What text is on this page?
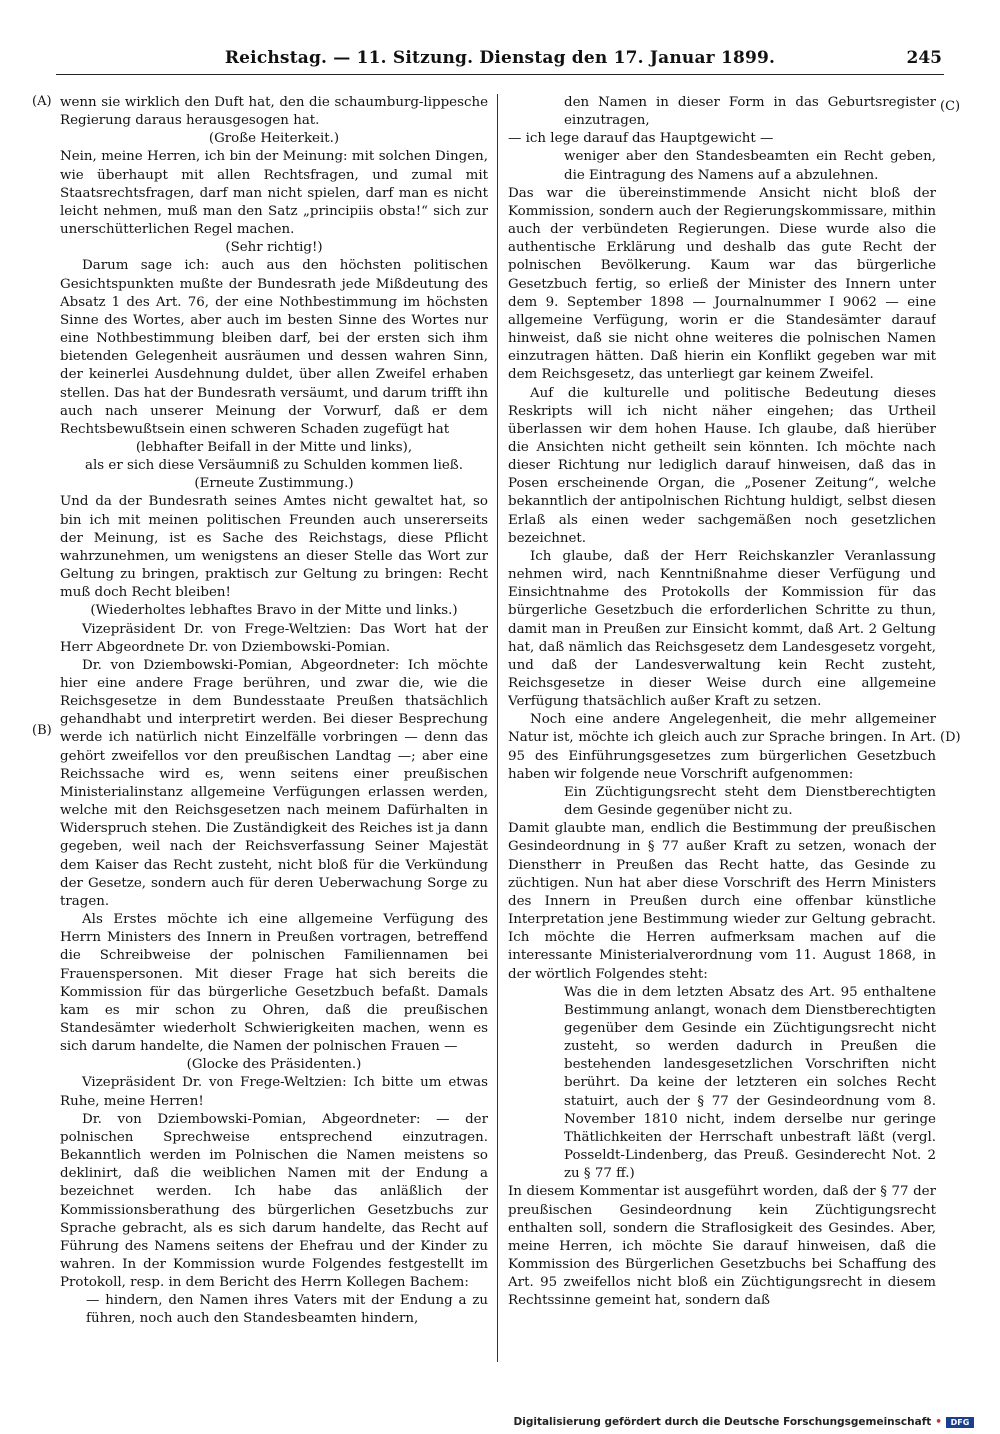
Reichstag. — 11. Sitzung. Dienstag den 17. Januar 1899.	245
(A)
(B)
(C)
(D)

wenn sie wirklich den Duft hat, den die schaumburg-lippesche Regierung daraus herausgesogen hat.

(Große Heiterkeit.)

Nein, meine Herren, ich bin der Meinung: mit solchen Dingen, wie überhaupt mit allen Rechtsfragen, und zumal mit Staatsrechtsfragen, darf man nicht spielen, darf man es nicht leicht nehmen, muß man den Satz „principiis obsta!“ sich zur unerschütterlichen Regel machen.

(Sehr richtig!)

Darum sage ich: auch aus den höchsten politischen Gesichtspunkten mußte der Bundesrath jede Mißdeutung des Absatz 1 des Art. 76, der eine Nothbestimmung im höchsten Sinne des Wortes, aber auch im besten Sinne des Wortes nur eine Nothbestimmung bleiben darf, bei der ersten sich ihm bietenden Gelegenheit ausräumen und dessen wahren Sinn, der keinerlei Ausdehnung duldet, über allen Zweifel erhaben stellen. Das hat der Bundesrath versäumt, und darum trifft ihn auch nach unserer Meinung der Vorwurf, daß er dem Rechtsbewußtsein einen schweren Schaden zugefügt hat

(lebhafter Beifall in der Mitte und links),

als er sich diese Versäumniß zu Schulden kommen ließ.

(Erneute Zustimmung.)

Und da der Bundesrath seines Amtes nicht gewaltet hat, so bin ich mit meinen politischen Freunden auch unsererseits der Meinung, ist es Sache des Reichstags, diese Pflicht wahrzunehmen, um wenigstens an dieser Stelle das Wort zur Geltung zu bringen, praktisch zur Geltung zu bringen: Recht muß doch Recht bleiben!

(Wiederholtes lebhaftes Bravo in der Mitte und links.)

Vizepräsident Dr. von Frege-Weltzien: Das Wort hat der Herr Abgeordnete Dr. von Dziembowski-Pomian.

Dr. von Dziembowski-Pomian, Abgeordneter: Ich möchte hier eine andere Frage berühren, und zwar die, wie die Reichsgesetze in dem Bundesstaate Preußen thatsächlich gehandhabt und interpretirt werden. Bei dieser Besprechung werde ich natürlich nicht Einzelfälle vorbringen — denn das gehört zweifellos vor den preußischen Landtag —; aber eine Reichssache wird es, wenn seitens einer preußischen Ministerialinstanz allgemeine Verfügungen erlassen werden, welche mit den Reichsgesetzen nach meinem Dafürhalten in Widerspruch stehen. Die Zuständigkeit des Reiches ist ja dann gegeben, weil nach der Reichsverfassung Seiner Majestät dem Kaiser das Recht zusteht, nicht bloß für die Verkündung der Gesetze, sondern auch für deren Ueberwachung Sorge zu tragen.

Als Erstes möchte ich eine allgemeine Verfügung des Herrn Ministers des Innern in Preußen vortragen, betreffend die Schreibweise der polnischen Familiennamen bei Frauenspersonen. Mit dieser Frage hat sich bereits die Kommission für das bürgerliche Gesetzbuch befaßt. Damals kam es mir schon zu Ohren, daß die preußischen Standesämter wiederholt Schwierigkeiten machen, wenn es sich darum handelte, die Namen der polnischen Frauen —

(Glocke des Präsidenten.)

Vizepräsident Dr. von Frege-Weltzien: Ich bitte um etwas Ruhe, meine Herren!

Dr. von Dziembowski-Pomian, Abgeordneter: — der polnischen Sprechweise entsprechend einzutragen. Bekanntlich werden im Polnischen die Namen meistens so deklinirt, daß die weiblichen Namen mit der Endung a bezeichnet werden. Ich habe das anläßlich der Kommissionsberathung des bürgerlichen Gesetzbuchs zur Sprache gebracht, als es sich darum handelte, das Recht auf Führung des Namens seitens der Ehefrau und der Kinder zu wahren. In der Kommission wurde Folgendes festgestellt im Protokoll, resp. in dem Bericht des Herrn Kollegen Bachem:

— hindern, den Namen ihres Vaters mit der Endung a zu führen, noch auch den Standesbeamten hindern,

den Namen in dieser Form in das Geburtsregister einzutragen,

— ich lege darauf das Hauptgewicht —

weniger aber den Standesbeamten ein Recht geben, die Eintragung des Namens auf a abzulehnen.

Das war die übereinstimmende Ansicht nicht bloß der Kommission, sondern auch der Regierungskommissare, mithin auch der verbündeten Regierungen. Diese wurde also die authentische Erklärung und deshalb das gute Recht der polnischen Bevölkerung. Kaum war das bürgerliche Gesetzbuch fertig, so erließ der Minister des Innern unter dem 9. September 1898 — Journalnummer I 9062 — eine allgemeine Verfügung, worin er die Standesämter darauf hinweist, daß sie nicht ohne weiteres die polnischen Namen einzutragen hätten. Daß hierin ein Konflikt gegeben war mit dem Reichsgesetz, das unterliegt gar keinem Zweifel.

Auf die kulturelle und politische Bedeutung dieses Reskripts will ich nicht näher eingehen; das Urtheil überlassen wir dem hohen Hause. Ich glaube, daß hierüber die Ansichten nicht getheilt sein könnten. Ich möchte nach dieser Richtung nur lediglich darauf hinweisen, daß das in Posen erscheinende Organ, die „Posener Zeitung“, welche bekanntlich der antipolnischen Richtung huldigt, selbst diesen Erlaß als einen weder sachgemäßen noch gesetzlichen bezeichnet.

Ich glaube, daß der Herr Reichskanzler Veranlassung nehmen wird, nach Kenntnißnahme dieser Verfügung und Einsichtnahme des Protokolls der Kommission für das bürgerliche Gesetzbuch die erforderlichen Schritte zu thun, damit man in Preußen zur Einsicht kommt, daß Art. 2 Geltung hat, daß nämlich das Reichsgesetz dem Landesgesetz vorgeht, und daß der Landesverwaltung kein Recht zusteht, Reichsgesetze in dieser Weise durch eine allgemeine Verfügung thatsächlich außer Kraft zu setzen.

Noch eine andere Angelegenheit, die mehr allgemeiner Natur ist, möchte ich gleich auch zur Sprache bringen. In Art. 95 des Einführungsgesetzes zum bürgerlichen Gesetzbuch haben wir folgende neue Vorschrift aufgenommen:

Ein Züchtigungsrecht steht dem Dienstberechtigten dem Gesinde gegenüber nicht zu.

Damit glaubte man, endlich die Bestimmung der preußischen Gesindeordnung in § 77 außer Kraft zu setzen, wonach der Dienstherr in Preußen das Recht hatte, das Gesinde zu züchtigen. Nun hat aber diese Vorschrift des Herrn Ministers des Innern in Preußen durch eine offenbar künstliche Interpretation jene Bestimmung wieder zur Geltung gebracht. Ich möchte die Herren aufmerksam machen auf die interessante Ministerialverordnung vom 11. August 1868, in der wörtlich Folgendes steht:

Was die in dem letzten Absatz des Art. 95 enthaltene Bestimmung anlangt, wonach dem Dienstberechtigten gegenüber dem Gesinde ein Züchtigungsrecht nicht zusteht, so werden dadurch in Preußen die bestehenden landesgesetzlichen Vorschriften nicht berührt. Da keine der letzteren ein solches Recht statuirt, auch der § 77 der Gesindeordnung vom 8. November 1810 nicht, indem derselbe nur geringe Thätlichkeiten der Herrschaft unbestraft läßt (vergl. Posseldt-Lindenberg, das Preuß. Gesinderecht Not. 2 zu § 77 ff.)

In diesem Kommentar ist ausgeführt worden, daß der § 77 der preußischen Gesindeordnung kein Züchtigungsrecht enthalten soll, sondern die Straflosigkeit des Gesindes. Aber, meine Herren, ich möchte Sie darauf hinweisen, daß die Kommission des Bürgerlichen Gesetzbuchs bei Schaffung des Art. 95 zweifellos nicht bloß ein Züchtigungsrecht in diesem Rechtssinne gemeint hat, sondern daß

Digitalisierung gefördert durch die Deutsche Forschungsgemeinschaft •	DFG
